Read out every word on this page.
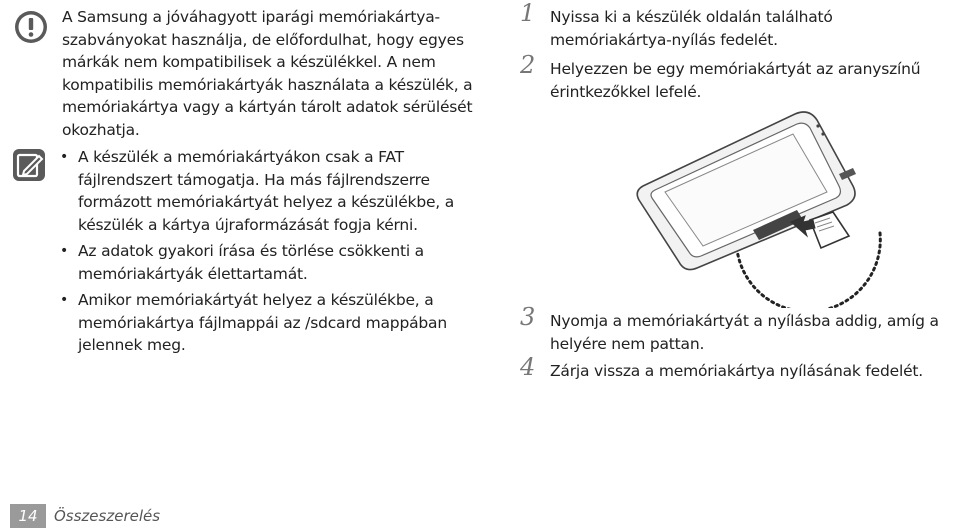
A Samsung a jóváhagyott iparági memóriakártya-szabványokat használja, de előfordulhat, hogy egyes márkák nem kompatibilisek a készülékkel. A nem kompatibilis memóriakártyák használata a készülék, a memóriakártya vagy a kártyán tárolt adatok sérülését okozhatja.
• A készülék a memóriakártyákon csak a FAT fájlrendszert támogatja. Ha más fájlrendszerre formázott memóriakártyát helyez a készülékbe, a készülék a kártya újraformázását fogja kérni.
• Az adatok gyakori írása és törlése csökkenti a memóriakártyák élettartamát.
• Amikor memóriakártyát helyez a készülékbe, a memóriakártya fájlmappái az /sdcard mappában jelennek meg.
1 Nyissa ki a készülék oldalán található memóriakártya-nyílás fedelét.
2 Helyezzen be egy memóriakártyát az aranyszínű érintkezőkkel lefelé.
3 Nyomja a memóriakártyát a nyílásba addig, amíg a helyére nem pattan.
4 Zárja vissza a memóriakártya nyílásának fedelét.
14	Összeszerelés
